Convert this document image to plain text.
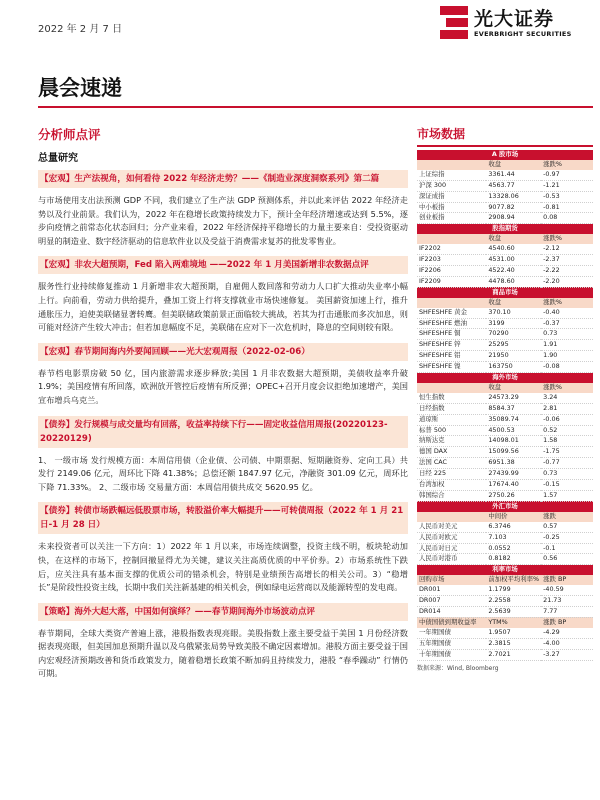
2022 年 2 月 7 日	光大证券
EVERBRIGHT SECURITIES
晨会速递
分析师点评
总量研究
【宏观】生产法视角，如何看待 2022 年经济走势？——《制造业深度洞察系列》第二篇
与市场使用支出法预测 GDP 不同，我们建立了生产法 GDP 预测体系，并以此来评估 2022 年经济走势以及行业前景。我们认为，2022 年在稳增长政策持续发力下，预计全年经济增速或达到 5.5%，逐步向疫情之前常态化状态回归；分产业来看，2022 年经济保持平稳增长的力量主要来自：受投资驱动明显的制造业、数字经济驱动的信息软件业以及受益于消费需求复苏的批发零售业。
【宏观】非农大超预期，Fed 陷入两难境地 ——2022 年 1 月美国新增非农数据点评
服务性行业持续修复推动 1 月新增非农大超预期，自雇佣人数回落和劳动力人口扩大推动失业率小幅上行。向前看，劳动力供给提升，叠加工资上行将支撑就业市场快速修复。 美国薪资加速上行，推升通胀压力，迫使美联储显著转鹰。但美联储政策前景正面临较大挑战，若其为打击通胀而多次加息，则可能对经济产生较大冲击；但若加息幅度不足，美联储在应对下一次危机时，降息的空间则较有限。
【宏观】春节期间海内外要闻回顾——光大宏观周报（2022-02-06）
春节档电影票房破 50 亿，国内旅游需求逐步释放;美国 1 月非农数据大超预期，美债收益率升破 1.9%；美国疫情有所回落，欧洲放开管控后疫情有所反弹；OPEC+召开月度会议拒绝加速增产，美国宣布增兵乌克兰。
【债券】发行规模与成交量均有回落，收益率持续下行——固定收益信用周报(20220123-20220129)
1、 一级市场 发行规模方面：本周信用债（企业债、公司债、中期票据、短期融资券、定向工具）共发行 2149.06 亿元，周环比下降 41.38%；总偿还额 1847.97 亿元，净融资 301.09 亿元，周环比下降 71.33%。 2、二级市场 交易量方面：本周信用债共成交 5620.95 亿。
【债券】转债市场跌幅远低股票市场，转股溢价率大幅提升——可转债周报（2022 年 1 月 21 日-1 月 28 日）
未来投资者可以关注一下方向：1）2022 年 1 月以来，市场连续调整，投资主线不明，板块轮动加快，在这样的市场下，控制回撤显得尤为关键，建议关注高质优质的中平价券。2）市场系统性下跌后，应关注具有基本面支撑的优质公司的错杀机会，特别是业绩预告高增长的相关公司。3）“稳增长”是阶段性投资主线，长期中我们关注新基建的相关机会，例如绿电运营商以及能源转型的发电商。
【策略】海外大起大落，中国如何演绎？——春节期间海外市场波动点评
春节期间，全球大类资产普遍上涨，港股指数表现亮眼。美股指数上涨主要受益于美国 1 月份经济数据表现亮眼，但美国加息预期升温以及乌俄紧张局势导致美股不确定因素增加。港股方面主要受益于国内宏观经济预期改善和货币政策发力，随着稳增长政策不断加码且持续发力，港股 “春季躁动” 行情仍可期。
市场数据
A 股市场		
	收盘	涨跌%
上证综指	3361.44	-0.97
沪深 300	4563.77	-1.21
深证成指	13328.06	-0.53
中小板指	9077.82	-0.81
创业板指	2908.94	0.08
股指期货		
	收盘	涨跌%
IF2202	4540.60	-2.12
IF2203	4531.00	-2.37
IF2206	4522.40	-2.22
IF2209	4478.60	-2.20
商品市场		
	收盘	涨跌%
SHFESHFE 黄金	370.10	-0.40
SHFESHFE 燃油	3199	-0.37
SHFESHFE 铜	70290	0.73
SHFESHFE 锌	25295	1.91
SHFESHFE 铝	21950	1.90
SHFESHFE 镍	163750	-0.08
海外市场		
	收盘	涨跌%
恒生指数	24573.29	3.24
日经指数	8584.37	2.81
道琼斯	35089.74	-0.06
标普 500	4500.53	0.52
纳斯达克	14098.01	1.58
德国 DAX	15099.56	-1.75
法国 CAC	6951.38	-0.77
日经 225	27439.99	0.73
台湾加权	17674.40	-0.15
韩国综合	2750.26	1.57
外汇市场		
	中间价	涨跌
人民币对美元	6.3746	0.57
人民币对欧元	7.103	-0.25
人民币对日元	0.0552	-0.1
人民币对港币	0.8182	0.56
利率市场		
回购市场	前加权平均利率%	涨跌 BP
DR001	1.1799	-40.59
DR007	2.2558	21.73
DR014	2.5639	7.77
中债国债到期收益率	YTM%	涨跌 BP
一年期国债	1.9507	-4.29
五年期国债	2.3815	-4.00
十年期国债	2.7021	-3.27
数据来源：Wind, Bloomberg
